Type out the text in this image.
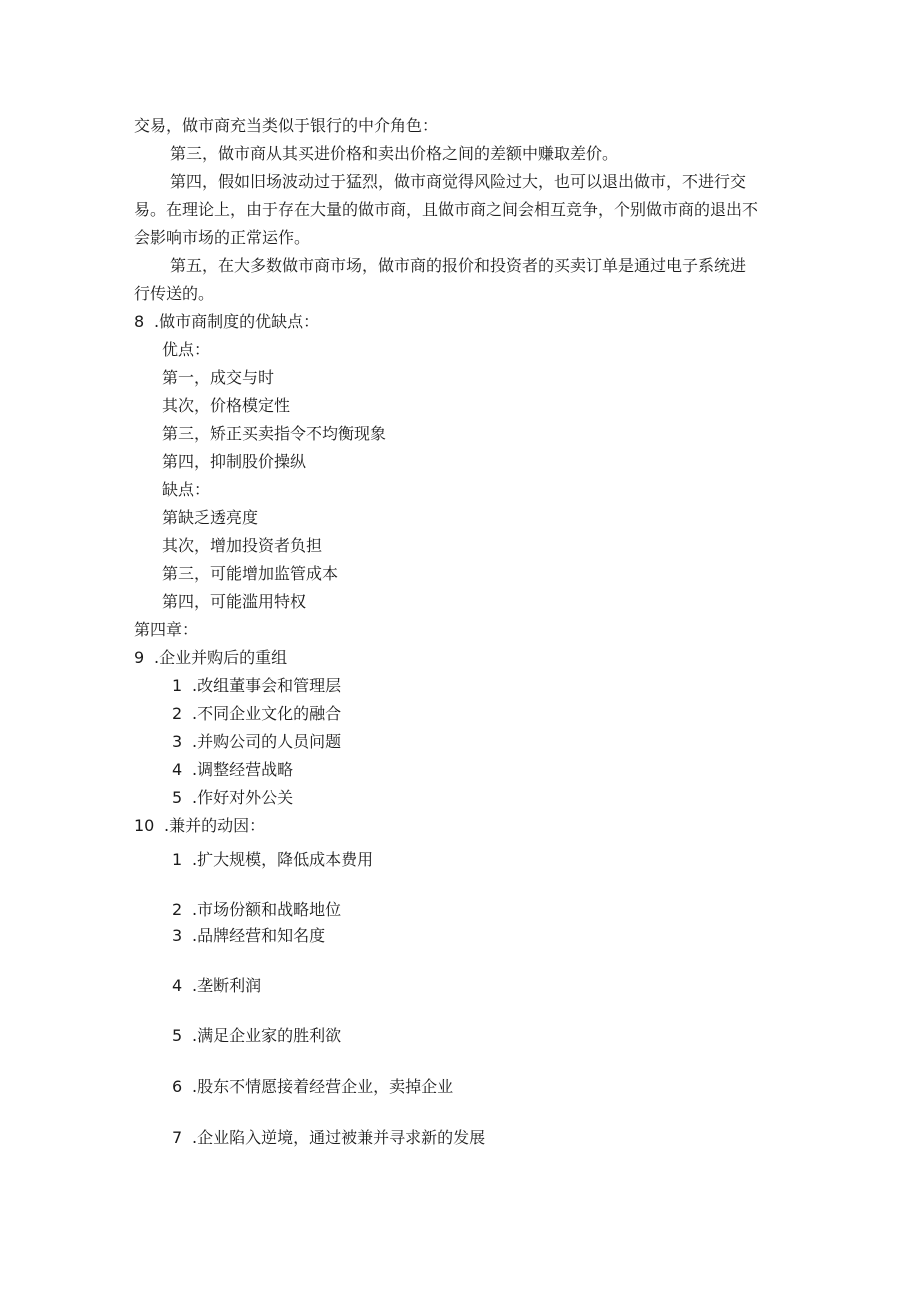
交易，做市商充当类似于银行的中介角色：
第三，做市商从其买进价格和卖出价格之间的差额中赚取差价。
第四，假如旧场波动过于猛烈，做市商觉得风险过大，也可以退出做市，不进行交
易。在理论上，由于存在大量的做市商，且做市商之间会相互竞争，个别做市商的退出不
会影响市场的正常运作。
第五，在大多数做市商市场，做市商的报价和投资者的买卖订单是通过电子系统进
行传送的。
8 .做市商制度的优缺点：
优点：
第一，成交与时
其次，价格模定性
第三，矫正买卖指令不均衡现象
第四，抑制股价操纵
缺点：
第缺乏透亮度
其次，增加投资者负担
第三，可能增加监管成本
第四，可能滥用特权
第四章：
9 .企业并购后的重组
1 .改组董事会和管理层
2 .不同企业文化的融合
3 .并购公司的人员问题
4 .调整经营战略
5 .作好对外公关
10 .兼并的动因：
1 .扩大规模，降低成本费用
2 .市场份额和战略地位
3 .品牌经营和知名度
4 .垄断利润
5 .满足企业家的胜利欲
6 .股东不情愿接着经营企业，卖掉企业
7 .企业陷入逆境，通过被兼并寻求新的发展
